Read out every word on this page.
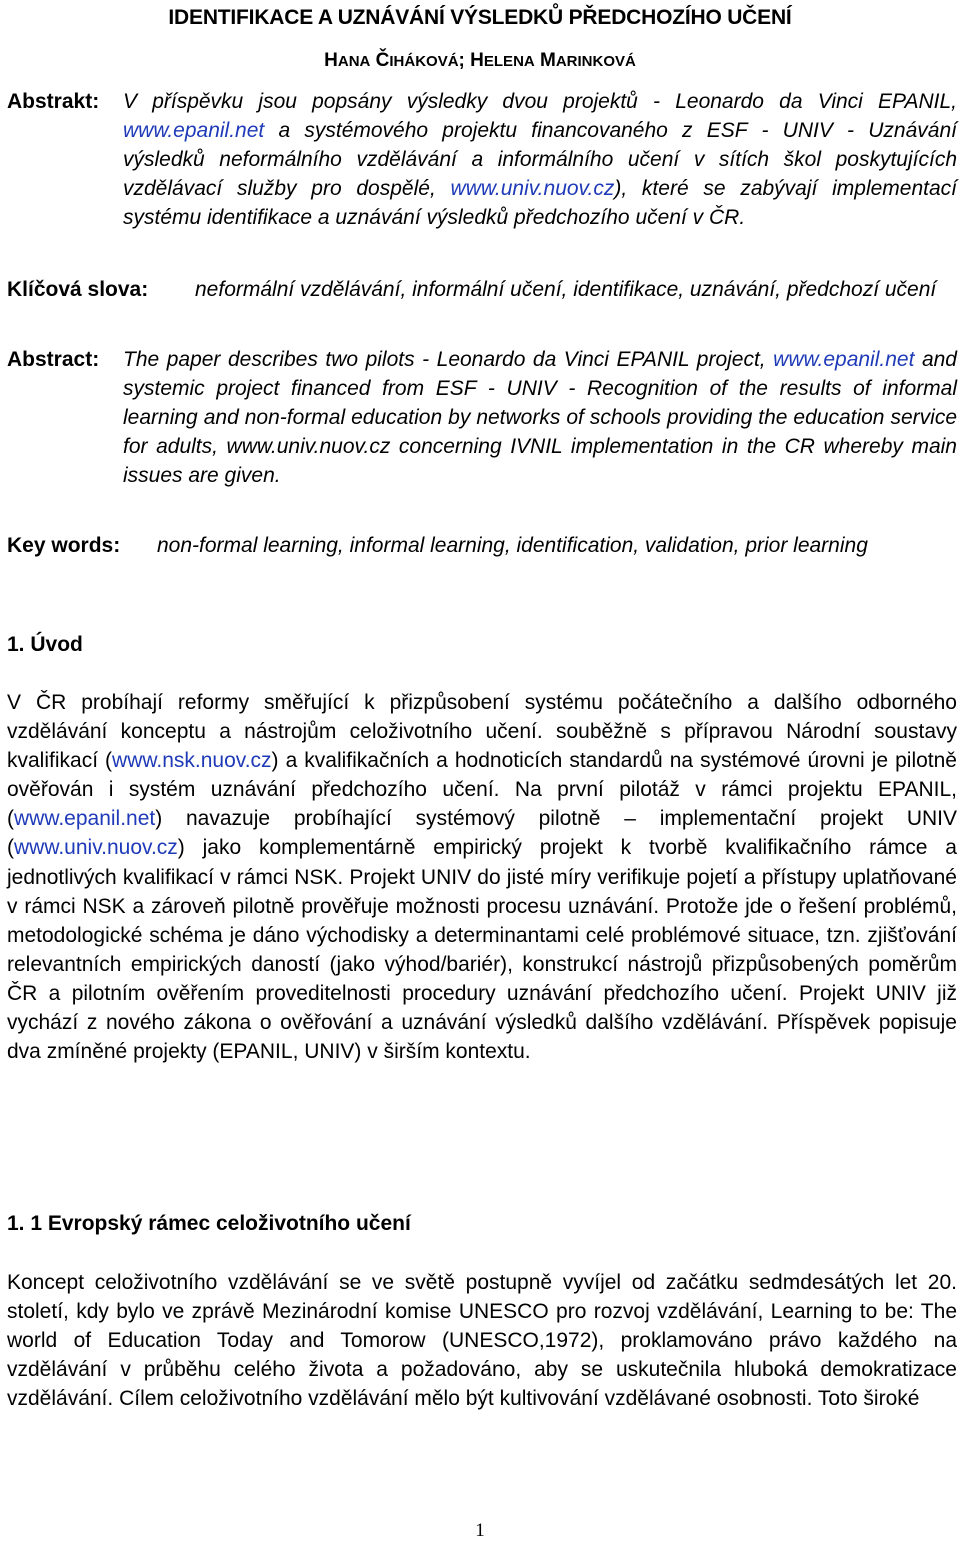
IDENTIFIKACE A UZNÁVÁNÍ VÝSLEDKŮ PŘEDCHOZÍHO UČENÍ
HANA ČIHÁKOVÁ; HELENA MARINKOVÁ
Abstrakt: V příspěvku jsou popsány výsledky dvou projektů - Leonardo da Vinci EPANIL, www.epanil.net a systémového projektu financovaného z ESF - UNIV - Uznávání výsledků neformálního vzdělávání a informálního učení v sítích škol poskytujících vzdělávací služby pro dospělé, www.univ.nuov.cz), které se zabývají implementací systému identifikace a uznávání výsledků předchozího učení v ČR.
Klíčová slova: neformální vzdělávání, informální učení, identifikace, uznávání, předchozí učení
Abstract: The paper describes two pilots - Leonardo da Vinci EPANIL project, www.epanil.net and systemic project financed from ESF - UNIV - Recognition of the results of informal learning and non-formal education by networks of schools providing the education service for adults, www.univ.nuov.cz concerning IVNIL implementation in the CR whereby main issues are given.
Key words: non-formal learning, informal learning, identification, validation, prior learning
1. Úvod

V ČR probíhají reformy směřující k přizpůsobení systému počátečního a dalšího odborného vzdělávání konceptu a nástrojům celoživotního učení. souběžně s přípravou Národní soustavy kvalifikací (www.nsk.nuov.cz) a kvalifikačních a hodnoticích standardů na systémové úrovni je pilotně ověřován i systém uznávání předchozího učení. Na první pilotáž v rámci projektu EPANIL, (www.epanil.net) navazuje probíhající systémový pilotně – implementační projekt UNIV (www.univ.nuov.cz) jako komplementárně empirický projekt k tvorbě kvalifikačního rámce a jednotlivých kvalifikací v rámci NSK. Projekt UNIV do jisté míry verifikuje pojetí a přístupy uplatňované v rámci NSK a zároveň pilotně prověřuje možnosti procesu uznávání. Protože jde o řešení problémů, metodologické schéma je dáno východisky a determinantami celé problémové situace, tzn. zjišťování relevantních empirických daností (jako výhod/bariér), konstrukcí nástrojů přizpůsobených poměrům ČR a pilotním ověřením proveditelnosti procedury uznávání předchozího učení. Projekt UNIV již vychází z nového zákona o ověřování a uznávání výsledků dalšího vzdělávání. Příspěvek popisuje dva zmíněné projekty (EPANIL, UNIV) v širším kontextu.

1. 1 Evropský rámec celoživotního učení

Koncept celoživotního vzdělávání se ve světě postupně vyvíjel od začátku sedmdesátých let 20. století, kdy bylo ve zprávě Mezinárodní komise UNESCO pro rozvoj vzdělávání, Learning to be: The world of Education Today and Tomorow (UNESCO,1972), proklamováno právo každého na vzdělávání v průběhu celého života a požadováno, aby se uskutečnila hluboká demokratizace vzdělávání. Cílem celoživotního vzdělávání mělo být kultivování vzdělávané osobnosti. Toto široké

1
